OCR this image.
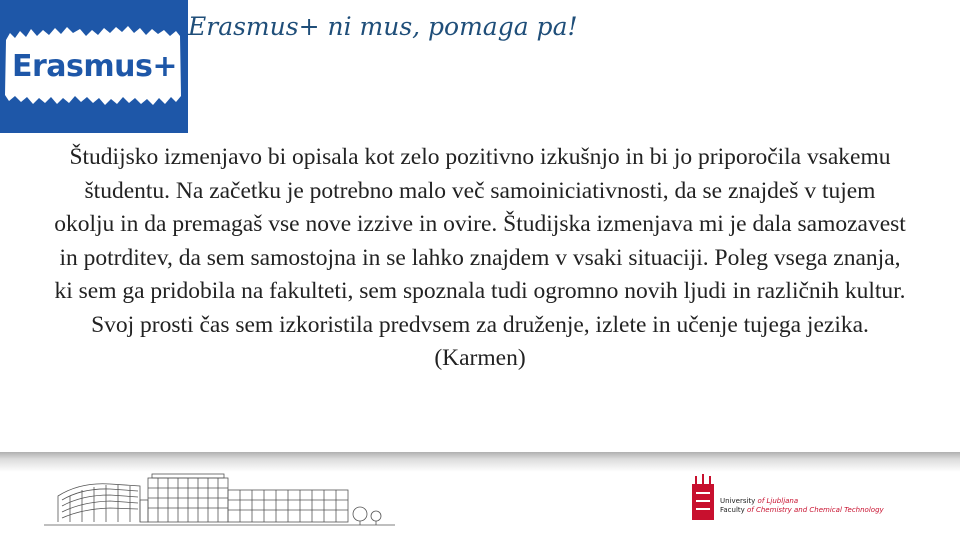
Erasmus+
Erasmus+ ni mus, pomaga pa!
Študijsko izmenjavo bi opisala kot zelo pozitivno izkušnjo in bi jo priporočila vsakemu študentu. Na začetku je potrebno malo več samoiniciativnosti, da se znajdeš v tujem okolju in da premagaš vse nove izzive in ovire. Študijska izmenjava mi je dala samozavest in potrditev, da sem samostojna in se lahko znajdem v vsaki situaciji. Poleg vsega znanja, ki sem ga pridobila na fakulteti, sem spoznala tudi ogromno novih ljudi in različnih kultur. Svoj prosti čas sem izkoristila predvsem za druženje, izlete in učenje tujega jezika. (Karmen)
University of Ljubljana
Faculty of Chemistry and Chemical Technology
